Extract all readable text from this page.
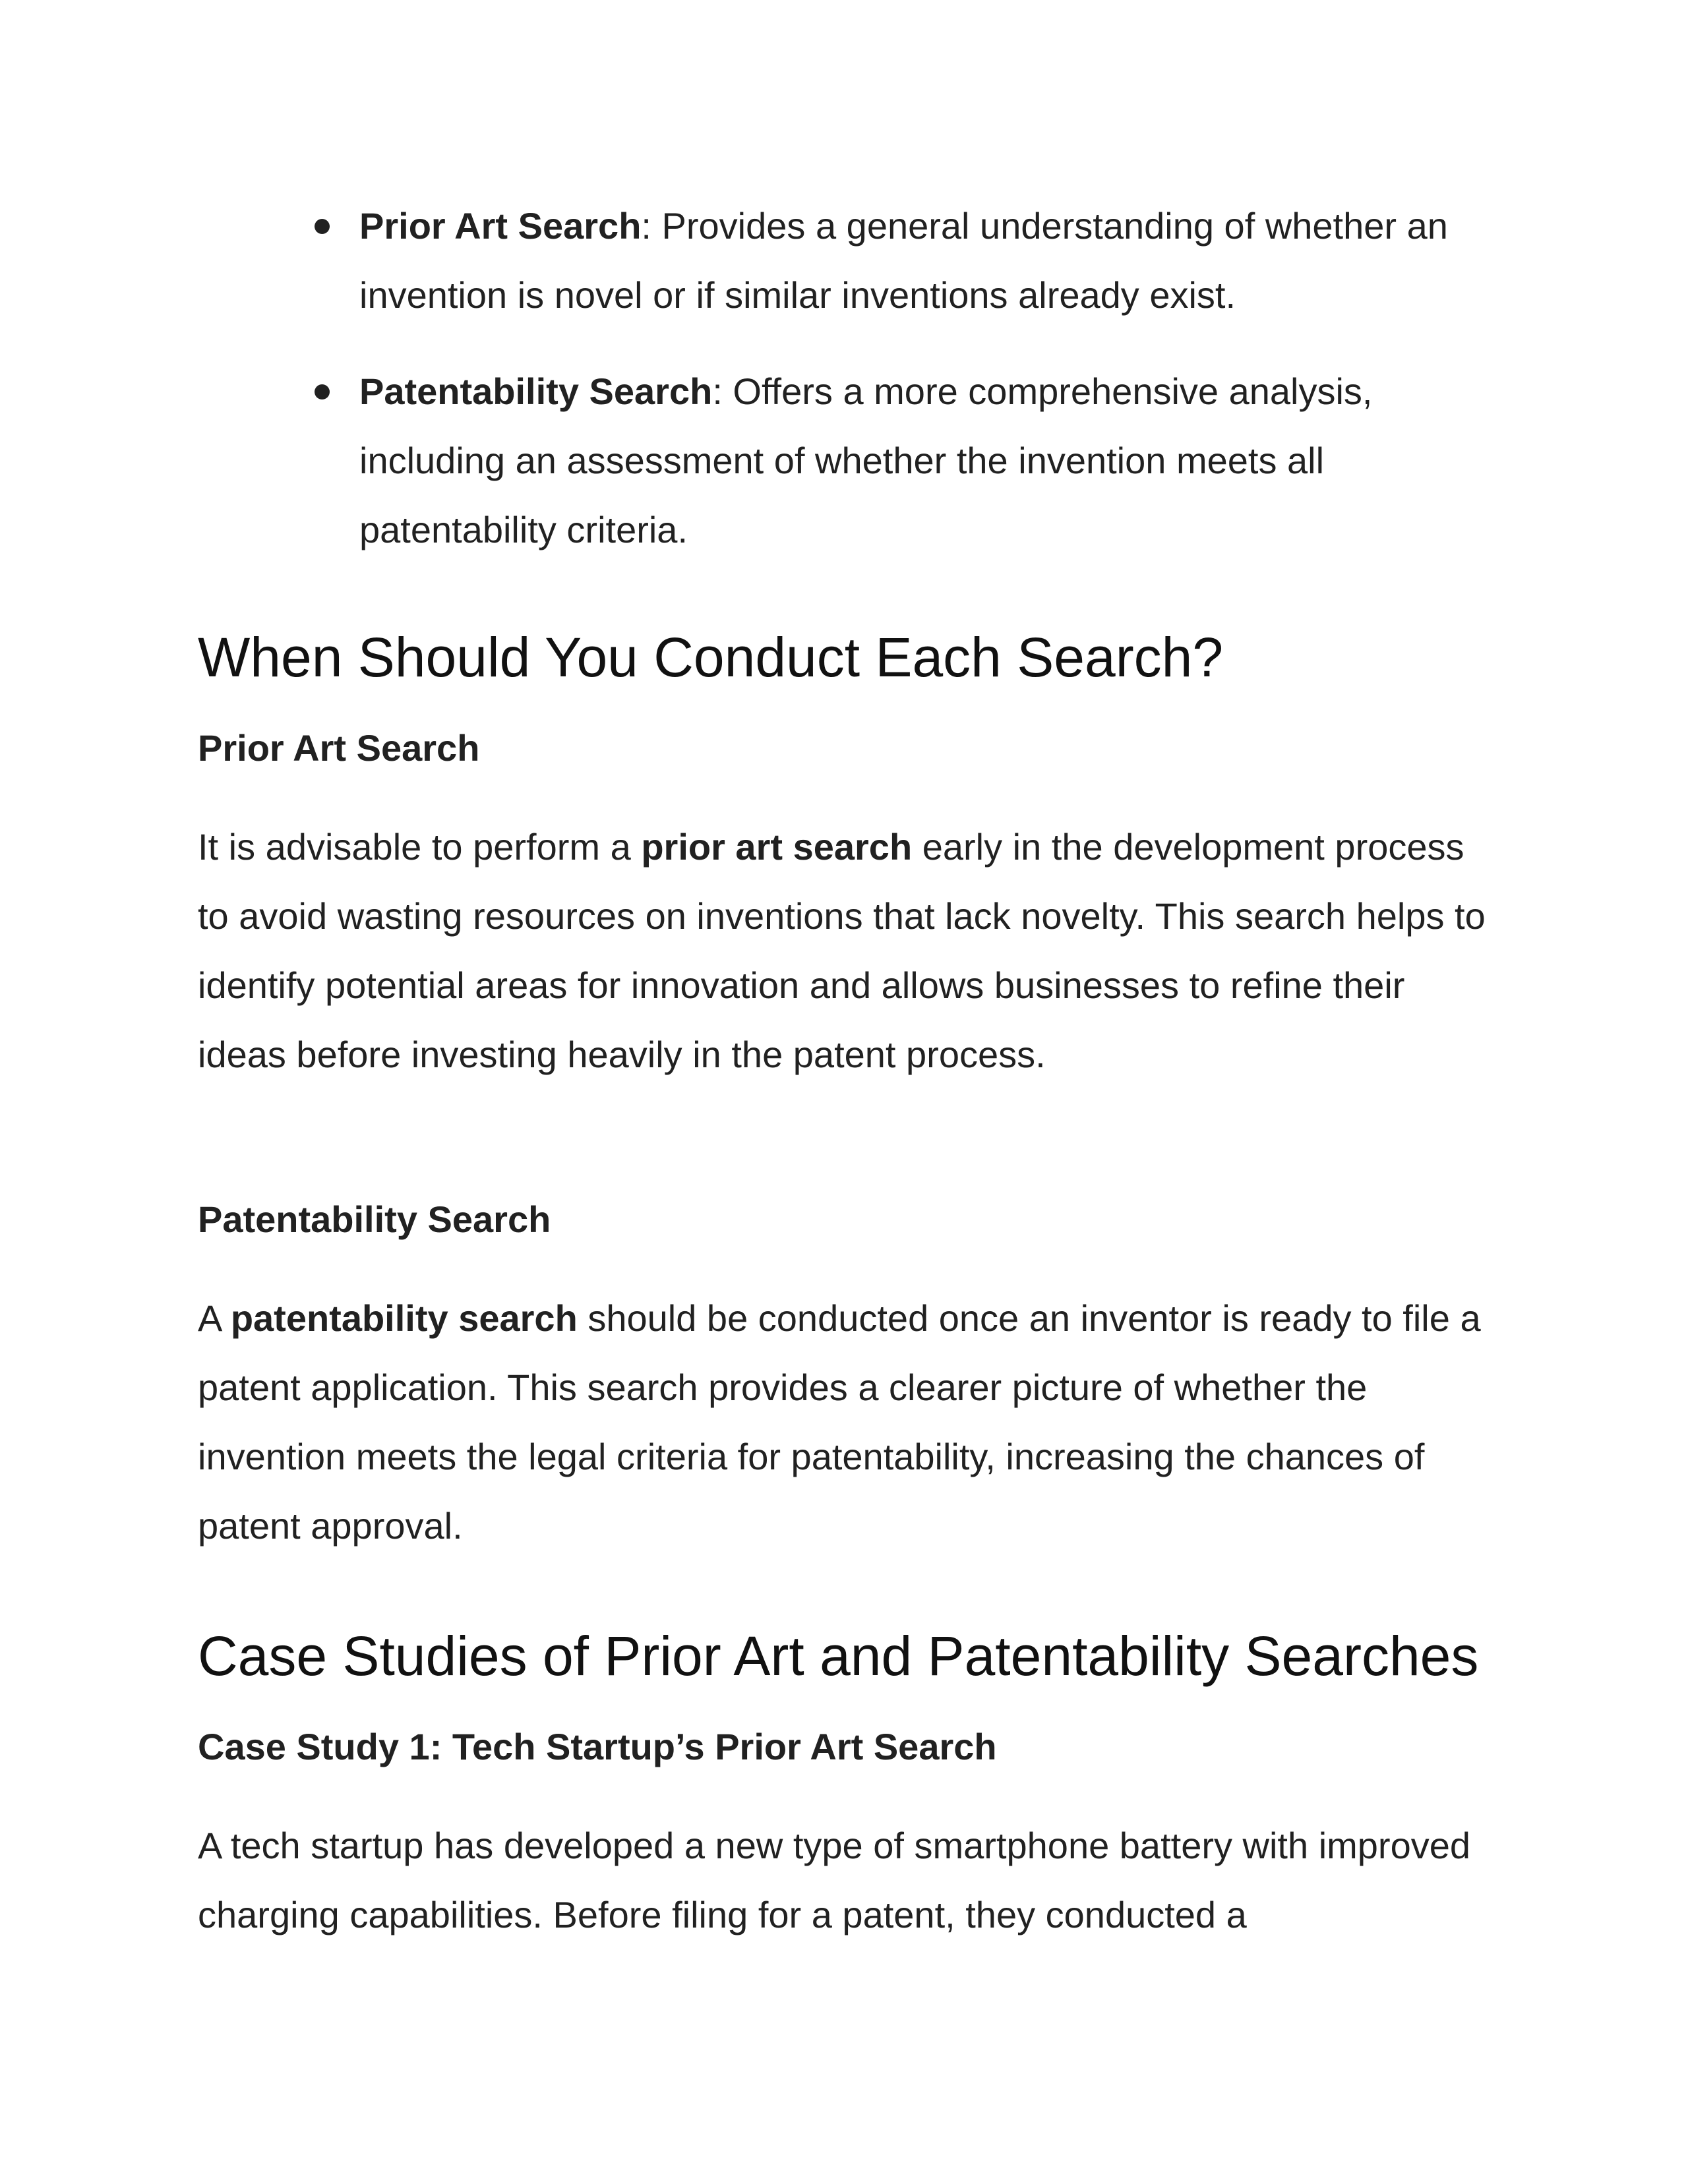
Prior Art Search: Provides a general understanding of whether an invention is novel or if similar inventions already exist.
Patentability Search: Offers a more comprehensive analysis, including an assessment of whether the invention meets all patentability criteria.
When Should You Conduct Each Search?
Prior Art Search

It is advisable to perform a prior art search early in the development process to avoid wasting resources on inventions that lack novelty. This search helps to identify potential areas for innovation and allows businesses to refine their ideas before investing heavily in the patent process.

Patentability Search

A patentability search should be conducted once an inventor is ready to file a patent application. This search provides a clearer picture of whether the invention meets the legal criteria for patentability, increasing the chances of patent approval.

Case Studies of Prior Art and Patentability Searches
Case Study 1: Tech Startup’s Prior Art Search

A tech startup has developed a new type of smartphone battery with improved charging capabilities. Before filing for a patent, they conducted a
